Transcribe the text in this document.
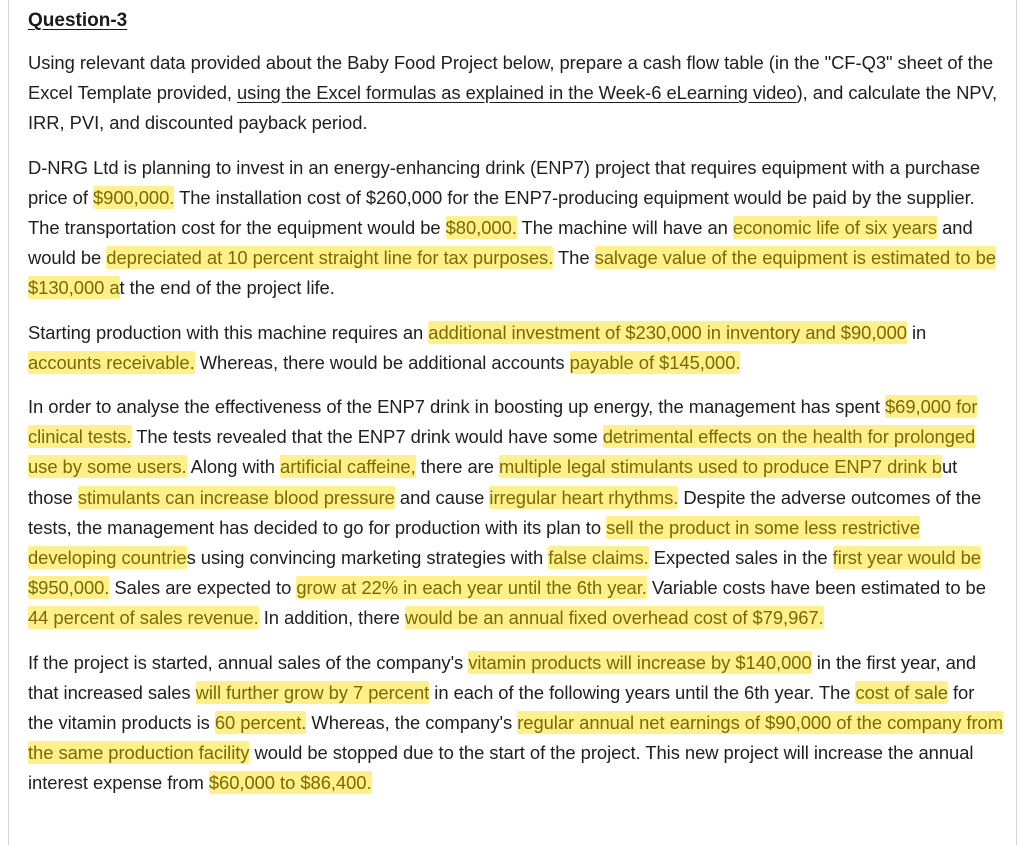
Question-3

Using relevant data provided about the Baby Food Project below, prepare a cash flow table (in the "CF-Q3" sheet of the Excel Template provided, using the Excel formulas as explained in the Week-6 eLearning video), and calculate the NPV, IRR, PVI, and discounted payback period.

D-NRG Ltd is planning to invest in an energy-enhancing drink (ENP7) project that requires equipment with a purchase price of $900,000. The installation cost of $260,000 for the ENP7-producing equipment would be paid by the supplier. The transportation cost for the equipment would be $80,000. The machine will have an economic life of six years and would be depreciated at 10 percent straight line for tax purposes. The salvage value of the equipment is estimated to be $130,000 at the end of the project life.

Starting production with this machine requires an additional investment of $230,000 in inventory and $90,000 in accounts receivable. Whereas, there would be additional accounts payable of $145,000.

In order to analyse the effectiveness of the ENP7 drink in boosting up energy, the management has spent $69,000 for clinical tests. The tests revealed that the ENP7 drink would have some detrimental effects on the health for prolonged use by some users. Along with artificial caffeine, there are multiple legal stimulants used to produce ENP7 drink but those stimulants can increase blood pressure and cause irregular heart rhythms. Despite the adverse outcomes of the tests, the management has decided to go for production with its plan to sell the product in some less restrictive developing countries using convincing marketing strategies with false claims. Expected sales in the first year would be $950,000. Sales are expected to grow at 22% in each year until the 6th year. Variable costs have been estimated to be 44 percent of sales revenue. In addition, there would be an annual fixed overhead cost of $79,967.

If the project is started, annual sales of the company's vitamin products will increase by $140,000 in the first year, and that increased sales will further grow by 7 percent in each of the following years until the 6th year. The cost of sale for the vitamin products is 60 percent. Whereas, the company's regular annual net earnings of $90,000 of the company from the same production facility would be stopped due to the start of the project. This new project will increase the annual interest expense from $60,000 to $86,400.
